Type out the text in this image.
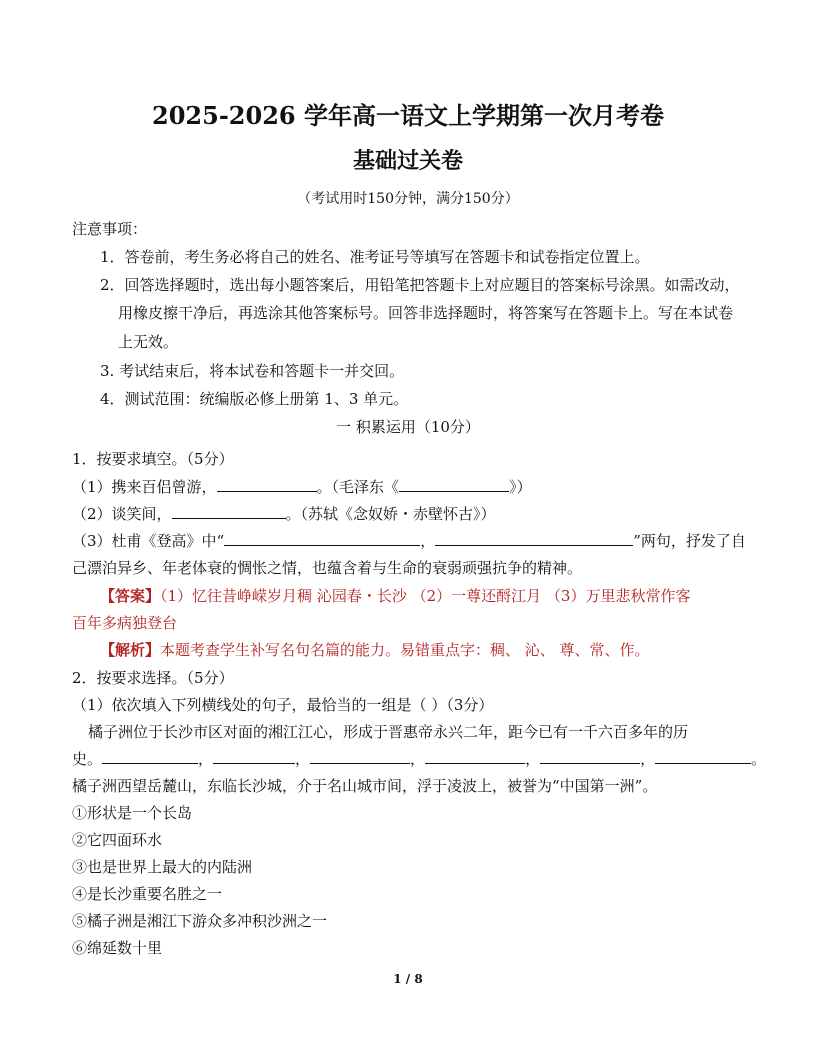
2025-2026 学年高一语文上学期第一次月考卷
基础过关卷
（考试用时150分钟，满分150分）
注意事项：
1．答卷前，考生务必将自己的姓名、准考证号等填写在答题卡和试卷指定位置上。
2．回答选择题时，选出每小题答案后，用铅笔把答题卡上对应题目的答案标号涂黑。如需改动，
用橡皮擦干净后，再选涂其他答案标号。回答非选择题时，将答案写在答题卡上。写在本试卷
上无效。
3. 考试结束后，将本试卷和答题卡一并交回。
4．测试范围：统编版必修上册第 1、3 单元。
一 积累运用（10分）
1．按要求填空。（5分）
（1）携来百侣曾游，	。（毛泽东《	》）
（2）谈笑间，	。（苏轼《念奴娇・赤壁怀古》）
（3）杜甫《登高》中“	，	”两句，抒发了自
己漂泊异乡、年老体衰的惆怅之情，也蕴含着与生命的衰弱顽强抗争的精神。
【答案】（1）忆往昔峥嵘岁月稠 沁园春・长沙 （2）一尊还酹江月 （3）万里悲秋常作客
百年多病独登台
【解析】本题考查学生补写名句名篇的能力。易错重点字：稠、 沁、 尊、常、作。
2．按要求选择。（5分）
（1）依次填入下列横线处的句子，最恰当的一组是（ ）（3分）
橘子洲位于长沙市区对面的湘江江心，形成于晋惠帝永兴二年，距今已有一千六百多年的历
史。	，	，	，	，	，	。
橘子洲西望岳麓山，东临长沙城，介于名山城市间，浮于凌波上，被誉为“中国第一洲”。
①形状是一个长岛
②它四面环水
③也是世界上最大的内陆洲
④是长沙重要名胜之一
⑤橘子洲是湘江下游众多冲积沙洲之一
⑥绵延数十里
1 / 8
